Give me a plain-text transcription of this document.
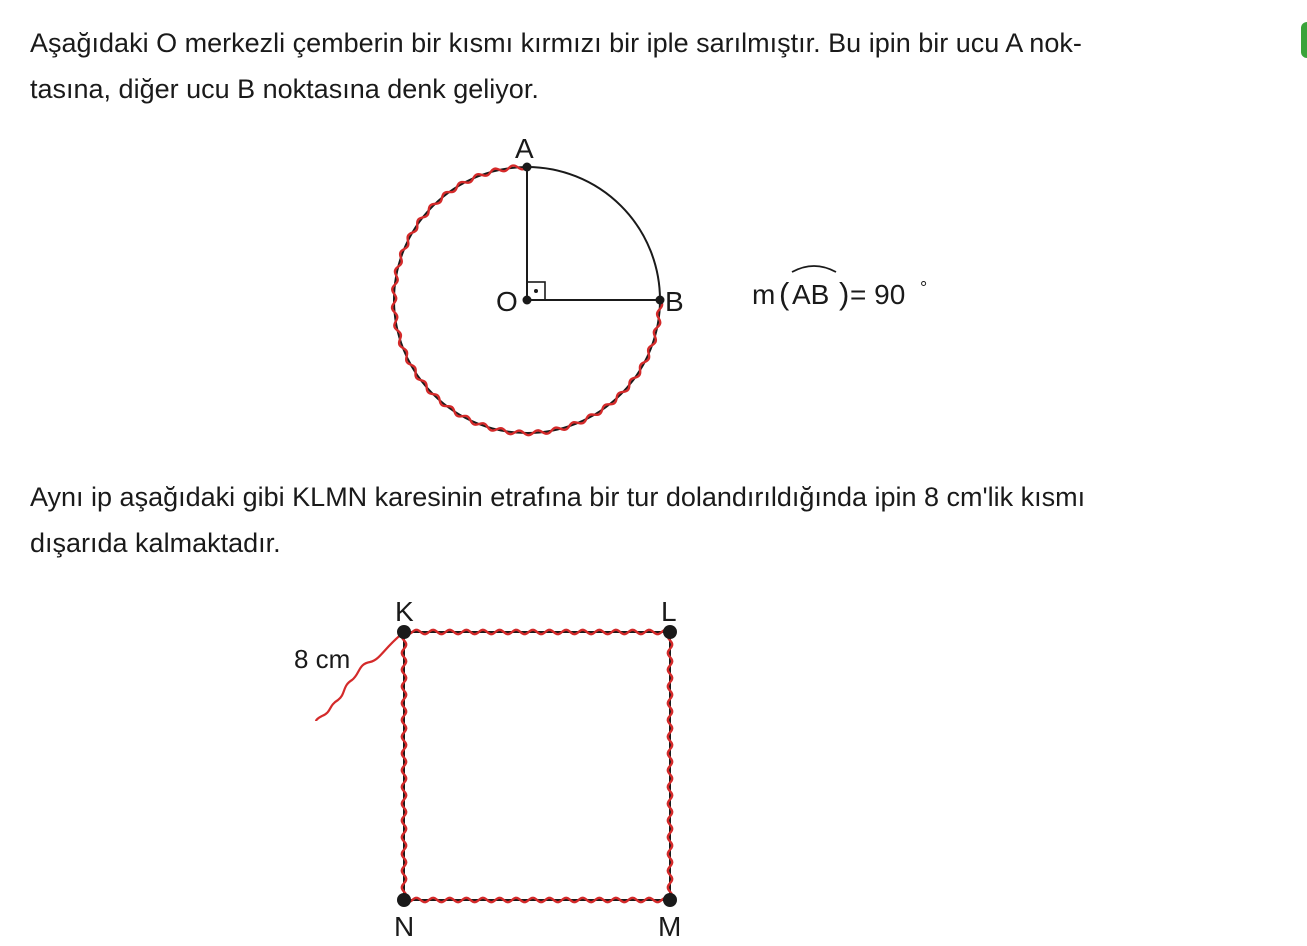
Aşağıdaki O merkezli çemberin bir kısmı kırmızı bir iple sarılmıştır. Bu ipin bir ucu A nok-
tasına, diğer ucu B noktasına denk geliyor.

Aynı ip aşağıdaki gibi KLMN karesinin etrafına bir tur dolandırıldığında ipin 8 cm'lik kısmı
dışarıda kalmaktadır.

A
O	B m ( AB ) = 90 °
K	L
M
N
8 cm
